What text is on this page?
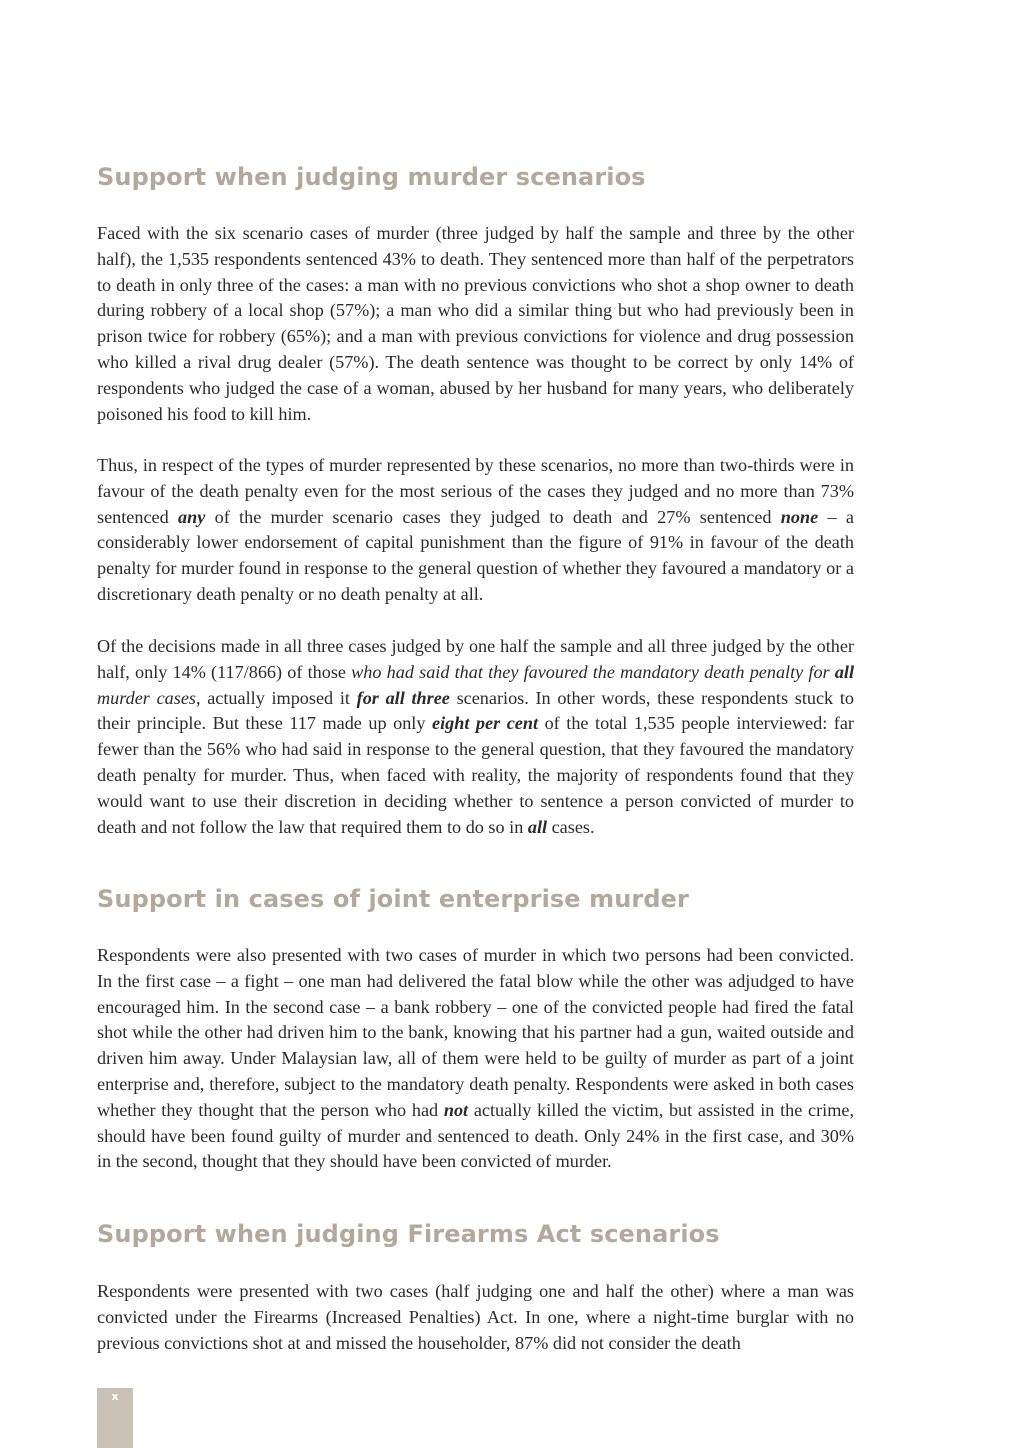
Support when judging murder scenarios

Faced with the six scenario cases of murder (three judged by half the sample and three by the other half), the 1,535 respondents sentenced 43% to death. They sentenced more than half of the perpetrators to death in only three of the cases: a man with no previous convictions who shot a shop owner to death during robbery of a local shop (57%); a man who did a similar thing but who had previously been in prison twice for robbery (65%); and a man with previous convictions for violence and drug possession who killed a rival drug dealer (57%). The death sentence was thought to be correct by only 14% of respondents who judged the case of a woman, abused by her husband for many years, who deliberately poisoned his food to kill him.

Thus, in respect of the types of murder represented by these scenarios, no more than two-thirds were in favour of the death penalty even for the most serious of the cases they judged and no more than 73% sentenced any of the murder scenario cases they judged to death and 27% sentenced none – a considerably lower endorsement of capital punishment than the figure of 91% in favour of the death penalty for murder found in response to the general question of whether they favoured a mandatory or a discretionary death penalty or no death penalty at all.

Of the decisions made in all three cases judged by one half the sample and all three judged by the other half, only 14% (117/866) of those who had said that they favoured the mandatory death penalty for all murder cases, actually imposed it for all three scenarios. In other words, these respondents stuck to their principle. But these 117 made up only eight per cent of the total 1,535 people interviewed: far fewer than the 56% who had said in response to the general question, that they favoured the mandatory death penalty for murder. Thus, when faced with reality, the majority of respondents found that they would want to use their discretion in deciding whether to sentence a person convicted of murder to death and not follow the law that required them to do so in all cases.

Support in cases of joint enterprise murder

Respondents were also presented with two cases of murder in which two persons had been convicted. In the first case – a fight – one man had delivered the fatal blow while the other was adjudged to have encouraged him. In the second case – a bank robbery – one of the convicted people had fired the fatal shot while the other had driven him to the bank, knowing that his partner had a gun, waited outside and driven him away. Under Malaysian law, all of them were held to be guilty of murder as part of a joint enterprise and, therefore, subject to the mandatory death penalty. Respondents were asked in both cases whether they thought that the person who had not actually killed the victim, but assisted in the crime, should have been found guilty of murder and sentenced to death. Only 24% in the first case, and 30% in the second, thought that they should have been convicted of murder.

Support when judging Firearms Act scenarios

Respondents were presented with two cases (half judging one and half the other) where a man was convicted under the Firearms (Increased Penalties) Act. In one, where a night-time burglar with no previous convictions shot at and missed the householder, 87% did not consider the death

x
